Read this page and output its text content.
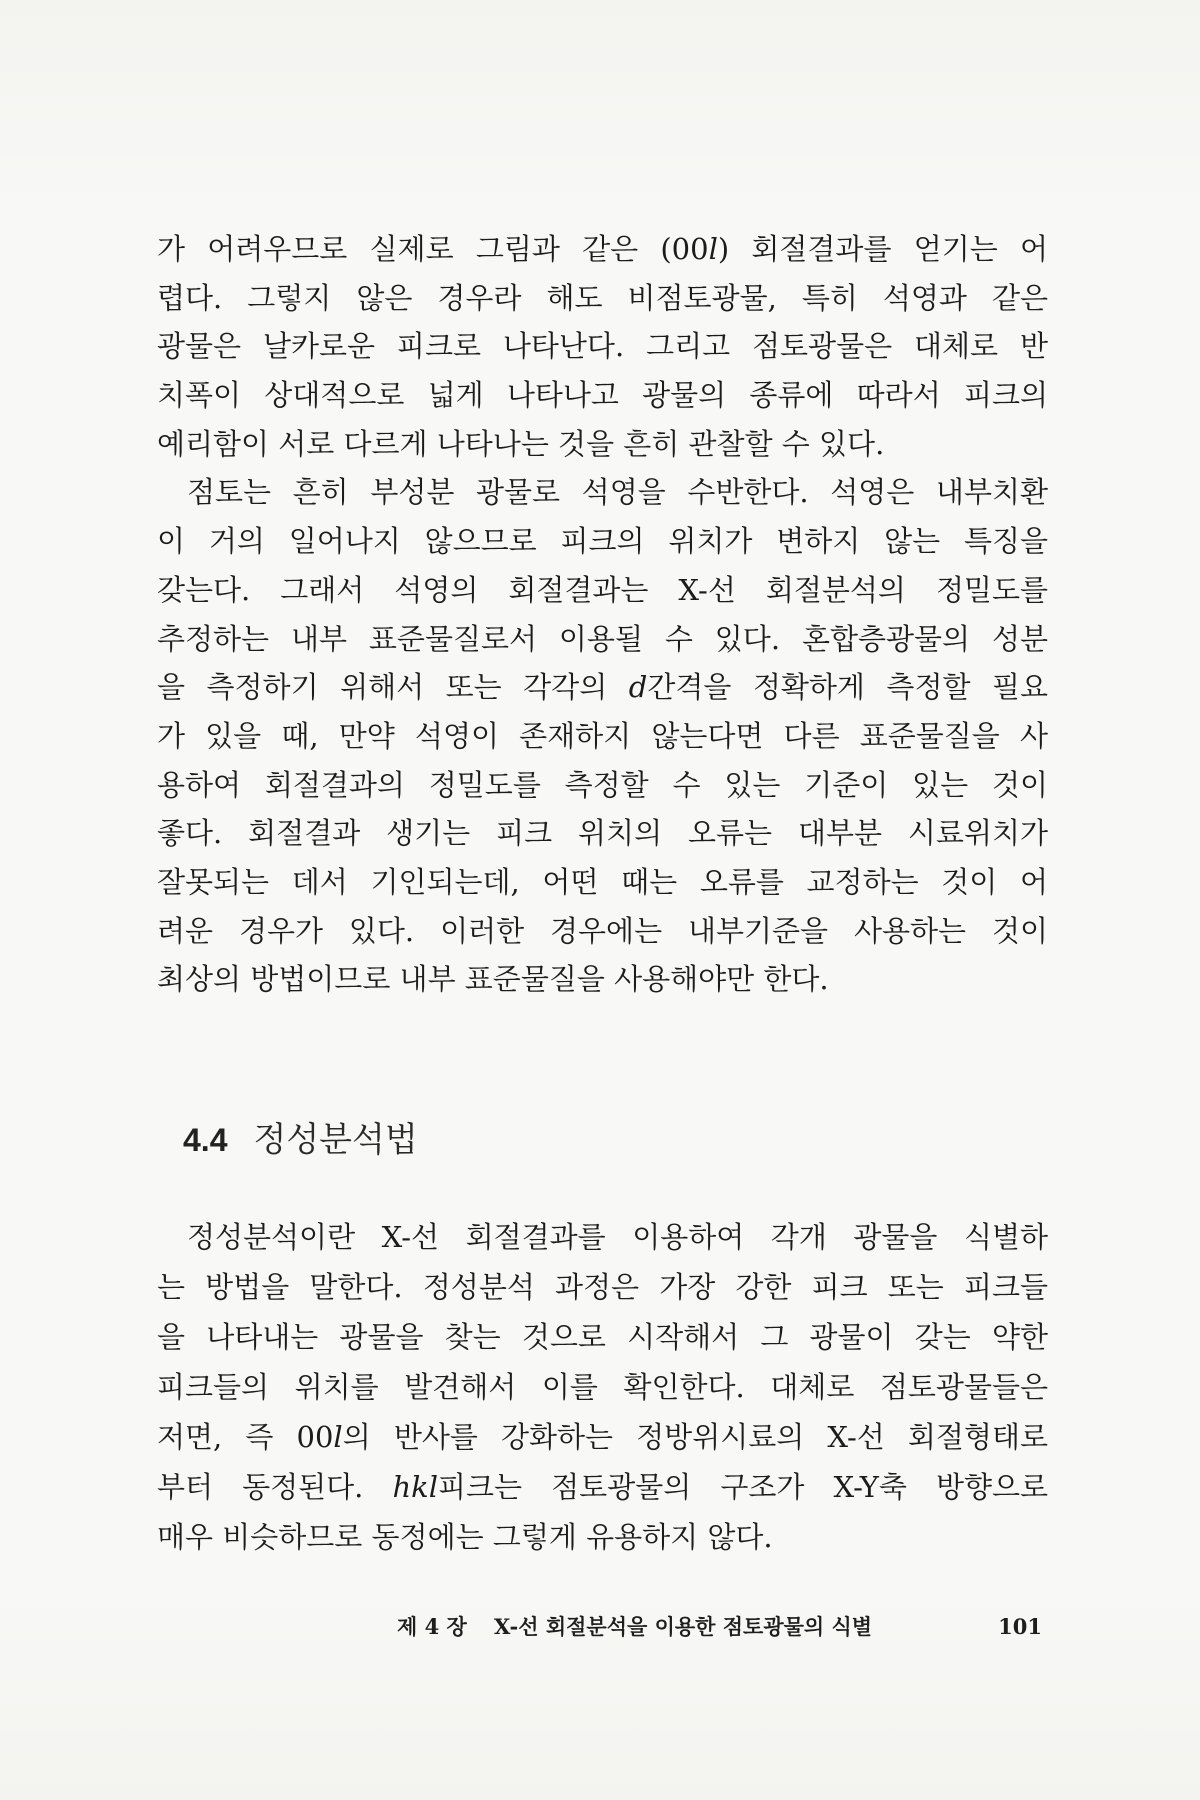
가 어려우므로 실제로 그림과 같은 (00l) 회절결과를 얻기는 어
렵다. 그렇지 않은 경우라 해도 비점토광물, 특히 석영과 같은
광물은 날카로운 피크로 나타난다. 그리고 점토광물은 대체로 반
치폭이 상대적으로 넓게 나타나고 광물의 종류에 따라서 피크의
예리함이 서로 다르게 나타나는 것을 흔히 관찰할 수 있다.
점토는 흔히 부성분 광물로 석영을 수반한다. 석영은 내부치환
이 거의 일어나지 않으므로 피크의 위치가 변하지 않는 특징을
갖는다. 그래서 석영의 회절결과는 X-선 회절분석의 정밀도를
추정하는 내부 표준물질로서 이용될 수 있다. 혼합층광물의 성분
을 측정하기 위해서 또는 각각의 d간격을 정확하게 측정할 필요
가 있을 때, 만약 석영이 존재하지 않는다면 다른 표준물질을 사
용하여 회절결과의 정밀도를 측정할 수 있는 기준이 있는 것이
좋다. 회절결과 생기는 피크 위치의 오류는 대부분 시료위치가
잘못되는 데서 기인되는데, 어떤 때는 오류를 교정하는 것이 어
려운 경우가 있다. 이러한 경우에는 내부기준을 사용하는 것이
최상의 방법이므로 내부 표준물질을 사용해야만 한다.
4.4 정성분석법
정성분석이란 X-선 회절결과를 이용하여 각개 광물을 식별하
는 방법을 말한다. 정성분석 과정은 가장 강한 피크 또는 피크들
을 나타내는 광물을 찾는 것으로 시작해서 그 광물이 갖는 약한
피크들의 위치를 발견해서 이를 확인한다. 대체로 점토광물들은
저면, 즉 00l의 반사를 강화하는 정방위시료의 X-선 회절형태로
부터 동정된다. hkl피크는 점토광물의 구조가 X-Y축 방향으로
매우 비슷하므로 동정에는 그렇게 유용하지 않다.
제 4 장 X-선 회절분석을 이용한 점토광물의 식별	101
